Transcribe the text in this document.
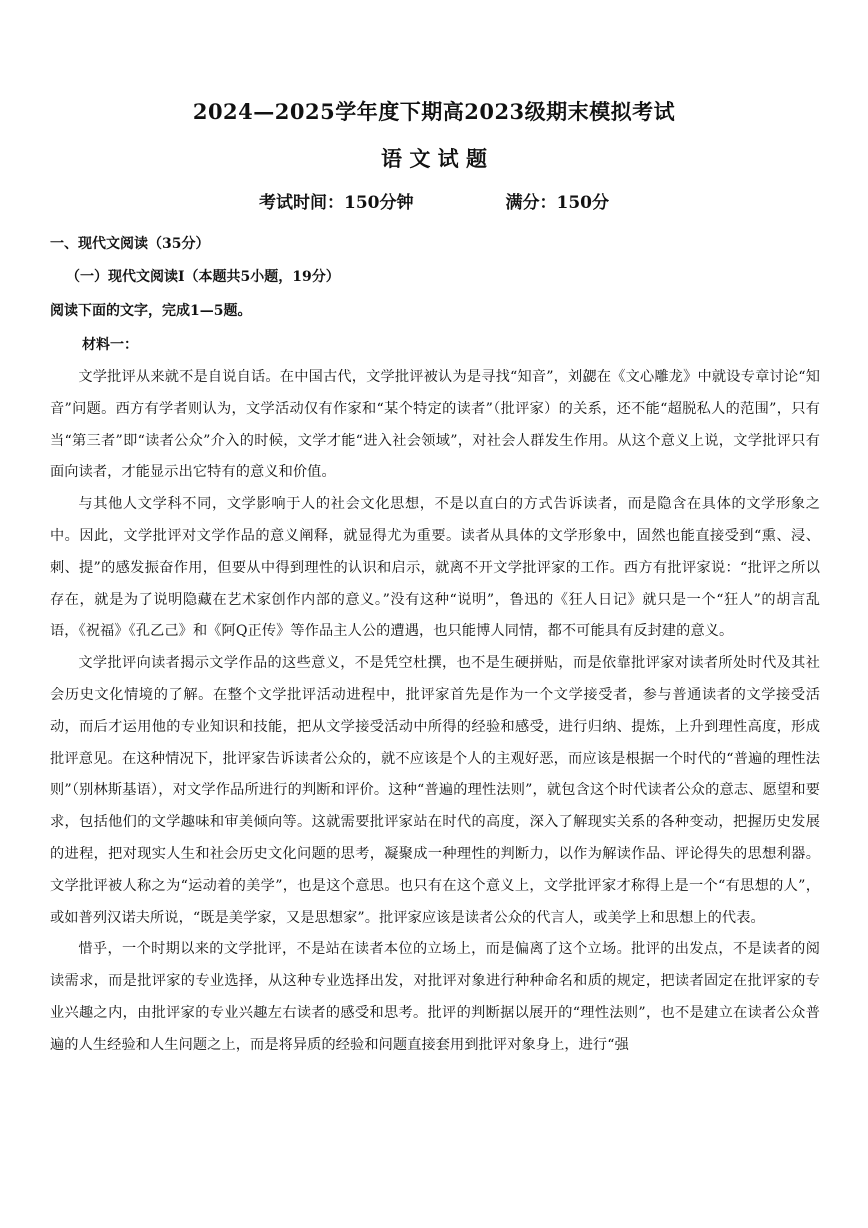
2024—2025学年度下期高2023级期末模拟考试
语 文 试 题
考试时间：150分钟	满分：150分
一、现代文阅读（35分）
（一）现代文阅读Ⅰ（本题共5小题，19分）
阅读下面的文字，完成1—5题。
材料一：

文学批评从来就不是自说自话。在中国古代，文学批评被认为是寻找“知音”，刘勰在《文心雕龙》中就设专章讨论“知音”问题。西方有学者则认为，文学活动仅有作家和“某个特定的读者”（批评家）的关系，还不能“超脱私人的范围”，只有当“第三者”即“读者公众”介入的时候，文学才能“进入社会领域”，对社会人群发生作用。从这个意义上说，文学批评只有面向读者，才能显示出它特有的意义和价值。

与其他人文学科不同，文学影响于人的社会文化思想，不是以直白的方式告诉读者，而是隐含在具体的文学形象之中。因此，文学批评对文学作品的意义阐释，就显得尤为重要。读者从具体的文学形象中，固然也能直接受到“熏、浸、刺、提”的感发振奋作用，但要从中得到理性的认识和启示，就离不开文学批评家的工作。西方有批评家说：“批评之所以存在，就是为了说明隐藏在艺术家创作内部的意义。”没有这种“说明”，鲁迅的《狂人日记》就只是一个“狂人”的胡言乱语，《祝福》《孔乙己》和《阿Q正传》等作品主人公的遭遇，也只能博人同情，都不可能具有反封建的意义。

文学批评向读者揭示文学作品的这些意义，不是凭空杜撰，也不是生硬拼贴，而是依靠批评家对读者所处时代及其社会历史文化情境的了解。在整个文学批评活动进程中，批评家首先是作为一个文学接受者，参与普通读者的文学接受活动，而后才运用他的专业知识和技能，把从文学接受活动中所得的经验和感受，进行归纳、提炼，上升到理性高度，形成批评意见。在这种情况下，批评家告诉读者公众的，就不应该是个人的主观好恶，而应该是根据一个时代的“普遍的理性法则”（别林斯基语），对文学作品所进行的判断和评价。这种“普遍的理性法则”，就包含这个时代读者公众的意志、愿望和要求，包括他们的文学趣味和审美倾向等。这就需要批评家站在时代的高度，深入了解现实关系的各种变动，把握历史发展的进程，把对现实人生和社会历史文化问题的思考，凝聚成一种理性的判断力，以作为解读作品、评论得失的思想利器。文学批评被人称之为“运动着的美学”，也是这个意思。也只有在这个意义上，文学批评家才称得上是一个“有思想的人”，或如普列汉诺夫所说，“既是美学家，又是思想家”。批评家应该是读者公众的代言人，或美学上和思想上的代表。

惜乎，一个时期以来的文学批评，不是站在读者本位的立场上，而是偏离了这个立场。批评的出发点，不是读者的阅读需求，而是批评家的专业选择，从这种专业选择出发，对批评对象进行种种命名和质的规定，把读者固定在批评家的专业兴趣之内，由批评家的专业兴趣左右读者的感受和思考。批评的判断据以展开的“理性法则”，也不是建立在读者公众普遍的人生经验和人生问题之上，而是将异质的经验和问题直接套用到批评对象身上，进行“强
